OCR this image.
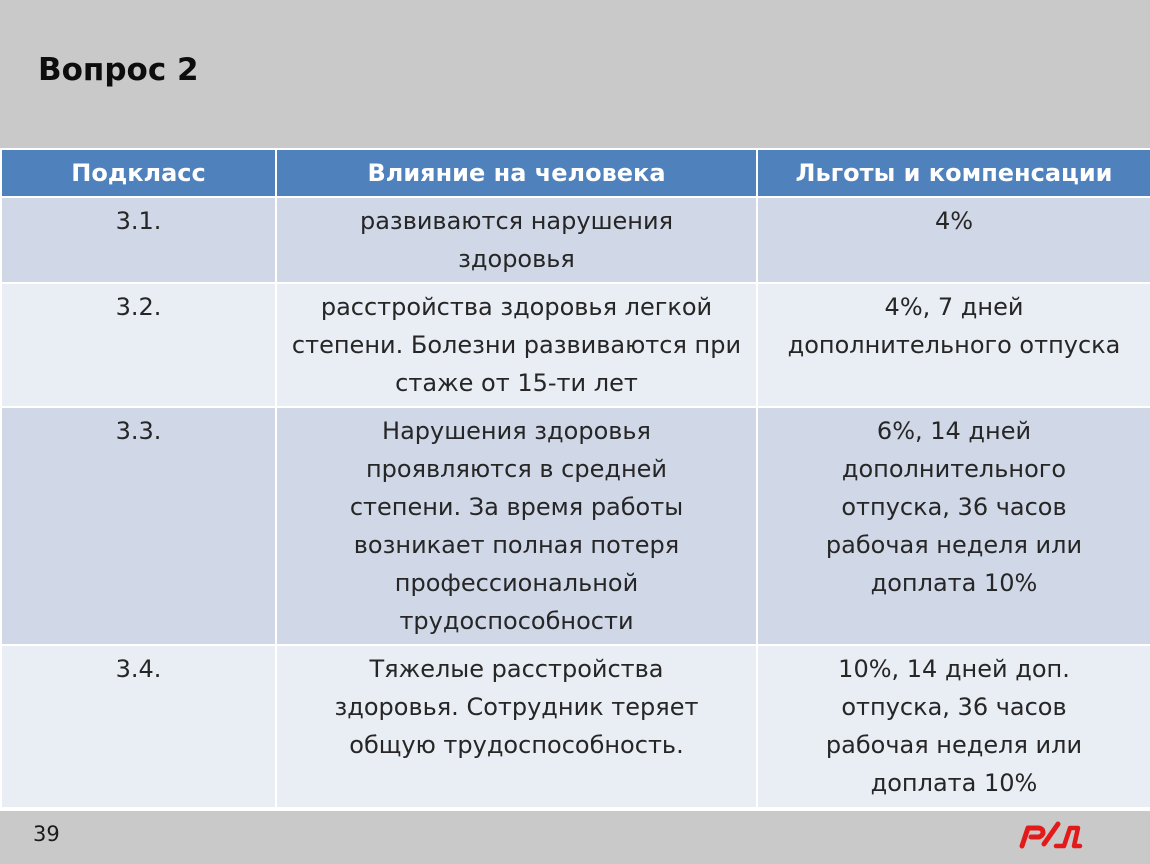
Вопрос 2
Подкласс	Влияние на человека	Льготы и компенсации
3.1.	развиваются нарушения здоровья	4%
3.2.	расстройства здоровья легкой степени. Болезни развиваются при стаже от 15-ти лет	4%, 7 дней дополнительного отпуска
3.3.	Нарушения здоровья проявляются в средней степени. За время работы возникает полная потеря профессиональной трудоспособности	6%, 14 дней дополнительного отпуска, 36 часов рабочая неделя или доплата 10%
3.4.	Тяжелые расстройства здоровья. Сотрудник теряет общую трудоспособность.	10%, 14 дней доп. отпуска, 36 часов рабочая неделя или доплата 10%
39
